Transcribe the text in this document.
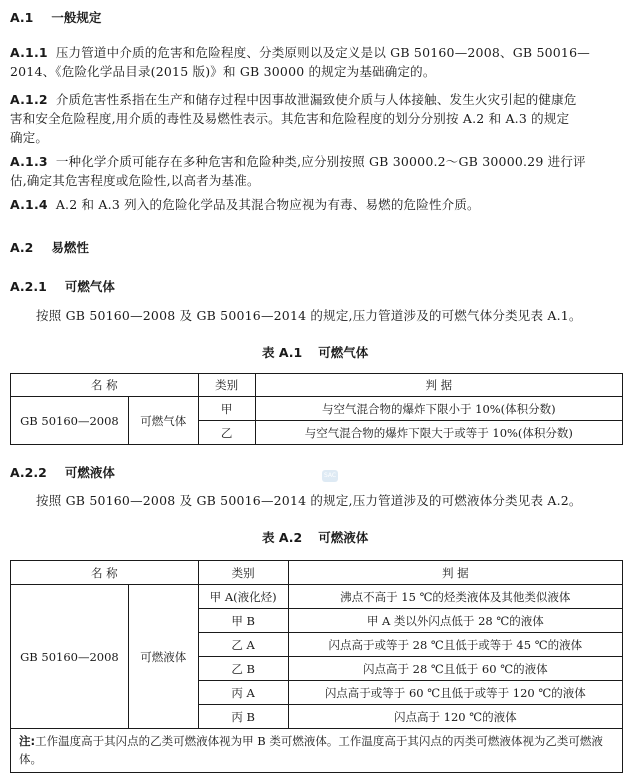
A.1 一般规定
A.1.1 压力管道中介质的危害和危险程度、分类原则以及定义是以 GB 50160—2008、GB 50016—
2014、《危险化学品目录(2015 版)》和 GB 30000 的规定为基础确定的。
A.1.2 介质危害性系指在生产和储存过程中因事故泄漏致使介质与人体接触、发生火灾引起的健康危
害和安全危险程度,用介质的毒性及易燃性表示。其危害和危险程度的划分分别按 A.2 和 A.3 的规定
确定。
A.1.3 一种化学介质可能存在多种危害和危险种类,应分别按照 GB 30000.2～GB 30000.29 进行评
估,确定其危害程度或危险性,以高者为基准。
A.1.4 A.2 和 A.3 列入的危险化学品及其混合物应视为有毒、易燃的危险性介质。
A.2 易燃性
A.2.1 可燃气体
按照 GB 50160—2008 及 GB 50016—2014 的规定,压力管道涉及的可燃气体分类见表 A.1。
表 A.1 可燃气体
名 称		类别	判 据
GB 50160—2008	可燃气体	甲	与空气混合物的爆炸下限小于 10%(体积分数)
		乙	与空气混合物的爆炸下限大于或等于 10%(体积分数)
A.2.2 可燃液体	SAC
按照 GB 50160—2008 及 GB 50016—2014 的规定,压力管道涉及的可燃液体分类见表 A.2。
表 A.2 可燃液体
名 称		类别	判 据
GB 50160—2008	可燃液体	甲 A(液化烃)	沸点不高于 15 ℃的烃类液体及其他类似液体
		甲 B	甲 A 类以外闪点低于 28 ℃的液体
		乙 A	闪点高于或等于 28 ℃且低于或等于 45 ℃的液体
		乙 B	闪点高于 28 ℃且低于 60 ℃的液体
		丙 A	闪点高于或等于 60 ℃且低于或等于 120 ℃的液体
		丙 B	闪点高于 120 ℃的液体
注:工作温度高于其闪点的乙类可燃液体视为甲 B 类可燃液体。工作温度高于其闪点的丙类可燃液体视为乙类可燃液体。			
